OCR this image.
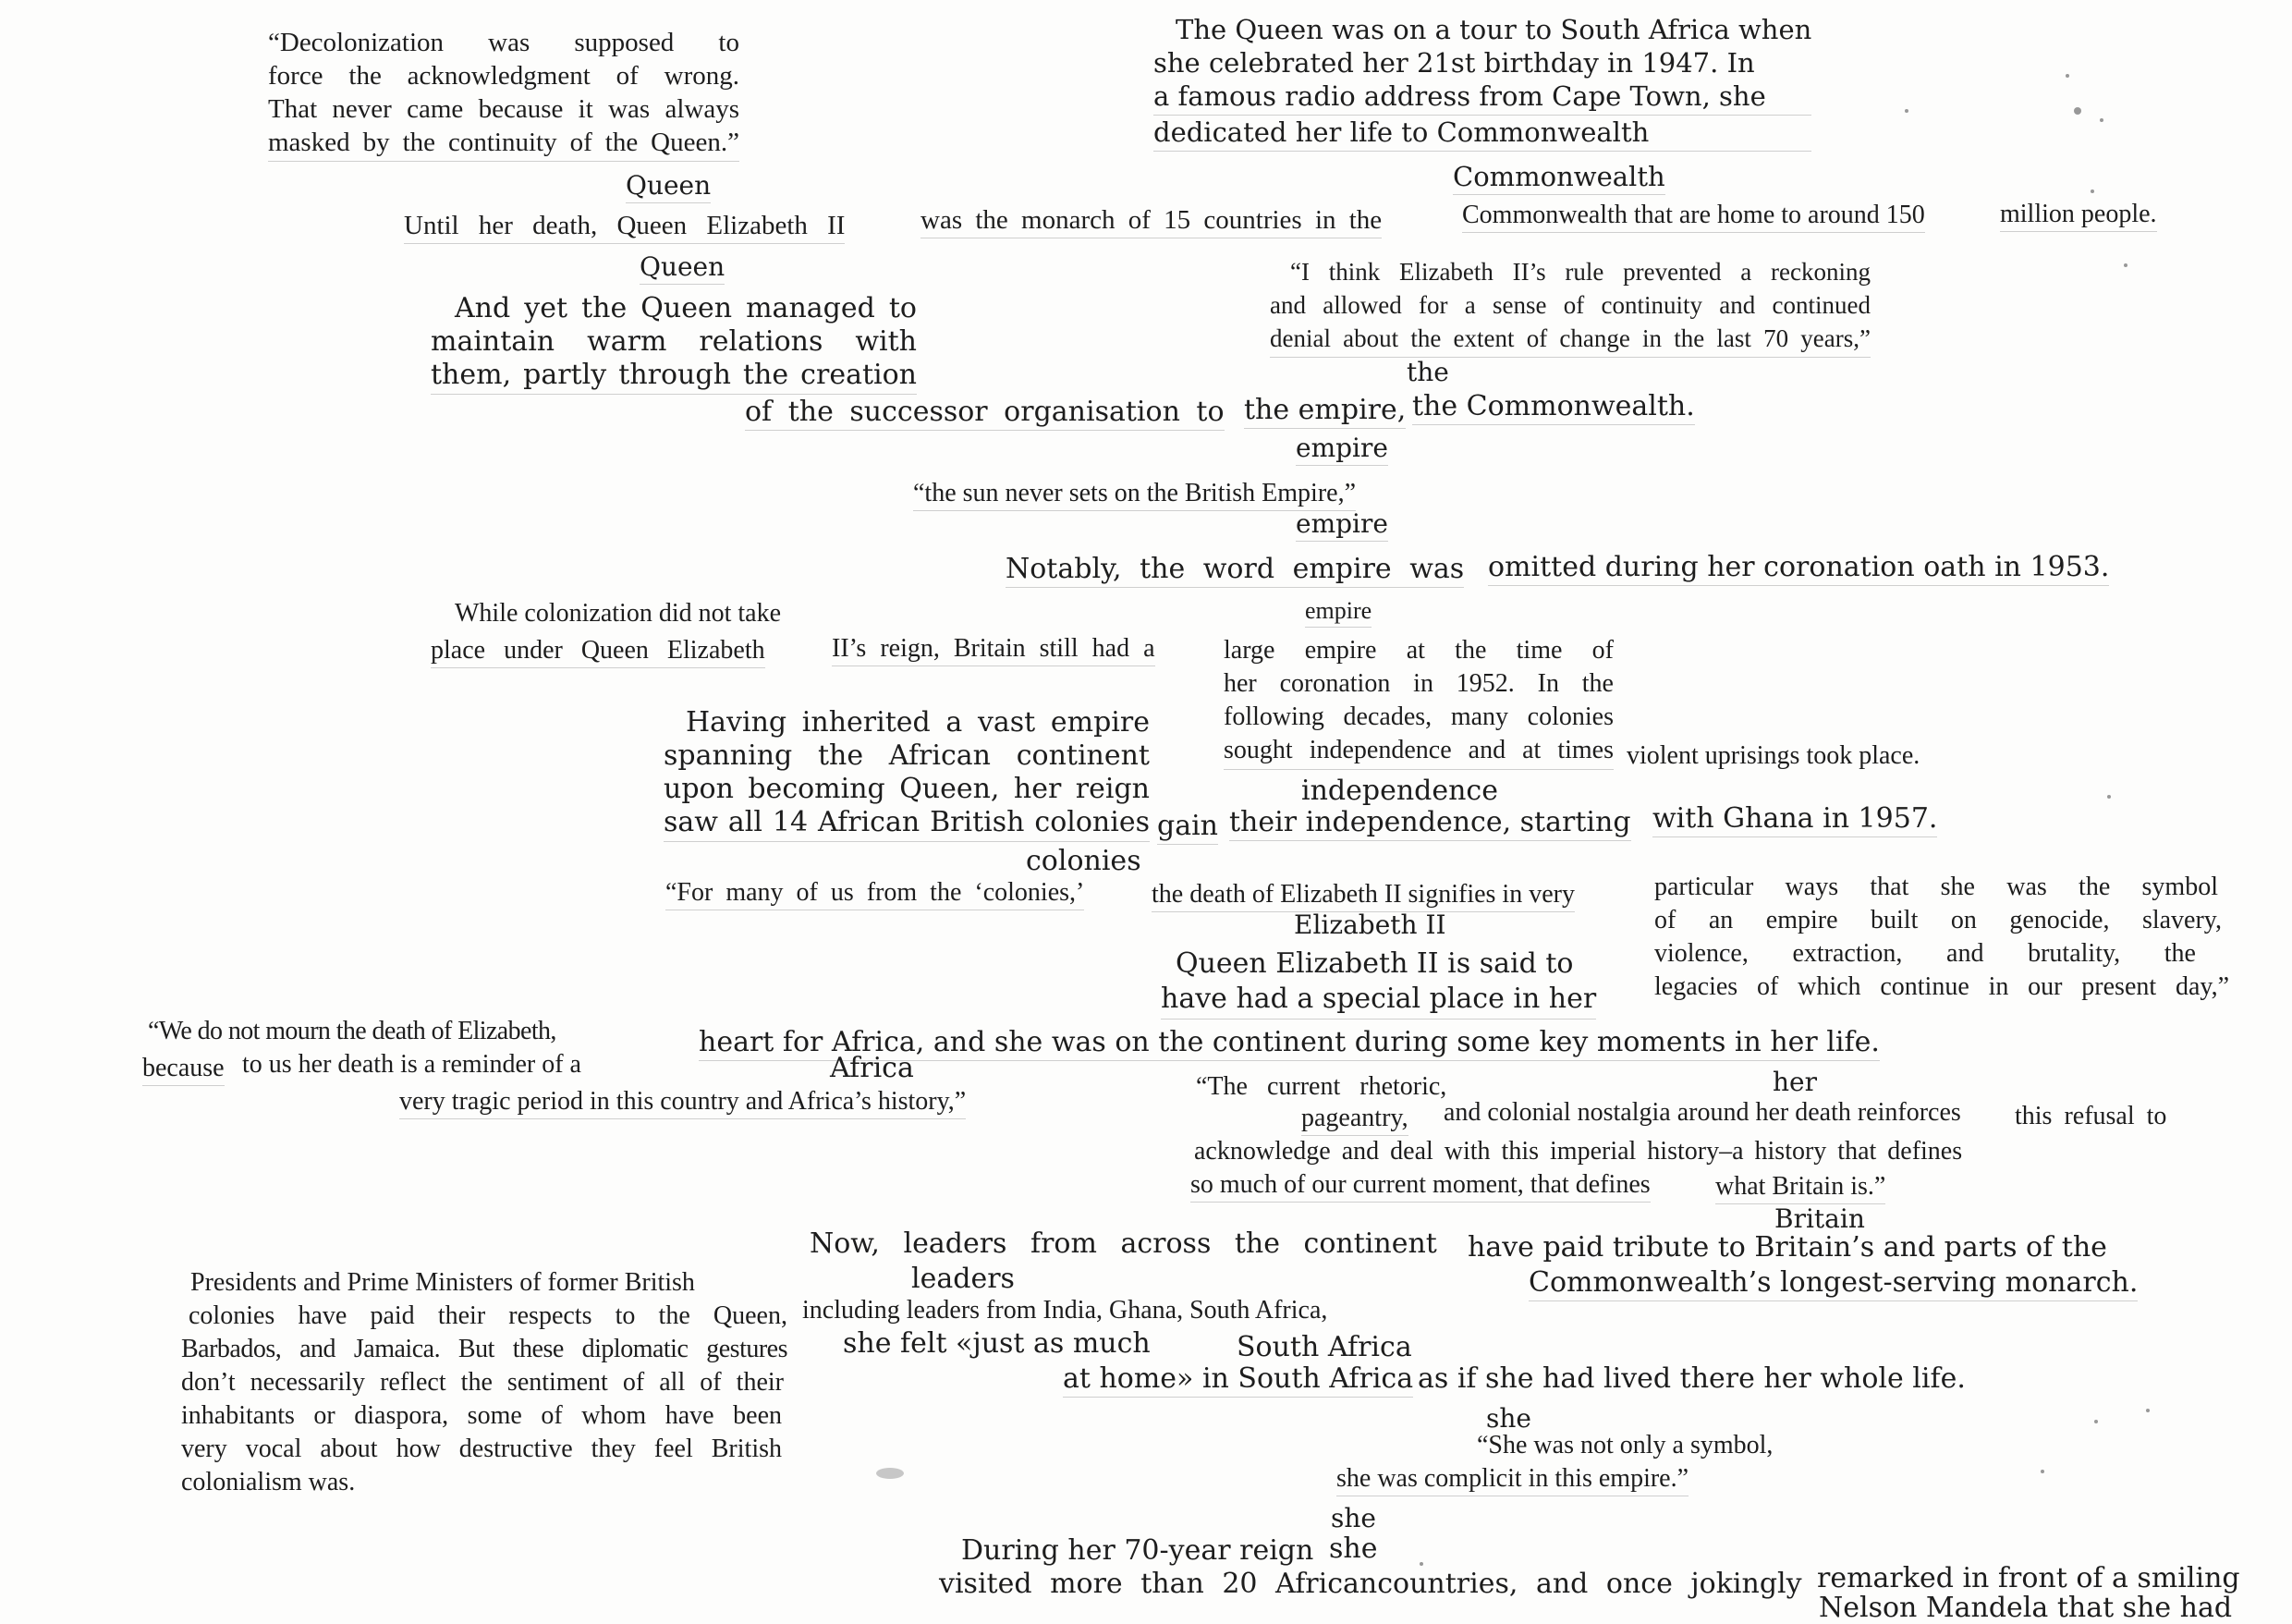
“Decolonization was supposed to
force the acknowledgment of wrong.
That never came because it was always
masked by the continuity of the Queen.”
The Queen was on a tour to South Africa when
she celebrated her 21st birthday in 1947. In
a famous radio address from Cape Town, she
dedicated her life to Commonwealth
Queen	Commonwealth
Until her death, Queen Elizabeth II	was the monarch of 15 countries in the	Commonwealth that are home to around 150	million people.
Queen
And yet the Queen managed to
maintain warm relations with
them, partly through the creation
“I think Elizabeth II’s rule prevented a reckoning
and allowed for a sense of continuity and continued
denial about the extent of change in the last 70 years,”
the
of the successor organisation to the empire, the Commonwealth.
empire
“the sun never sets on the British Empire,”
empire
Notably, the word empire was omitted during her coronation oath in 1953.
While colonization did not take	empire
place under Queen Elizabeth	II’s reign, Britain still had a	large empire at the time of
her coronation in 1952. In the
following decades, many colonies
sought independence and at times violent uprisings took place.
Having inherited a vast empire
spanning the African continent
upon becoming Queen, her reign
saw all 14 African British colonies
independence
gain their independence, starting with Ghana in 1957.
colonies
“For many of us from the ‘colonies,’	the death of Elizabeth II signifies in very	particular ways that she was the symbol
of an empire built on genocide, slavery,
violence, extraction, and brutality, the
legacies of which continue in our present day,”
Elizabeth II
Queen Elizabeth II is said to
have had a special place in her
heart for Africa, and she was on the continent during some key moments in her life.
“We do not mourn the death of Elizabeth,
because to us her death is a reminder of a	Africa
very tragic period in this country and Africa’s history,”
“The current rhetoric,	her
pageantry, and colonial nostalgia around her death reinforces this refusal to
acknowledge and deal with this imperial history–a history that defines
so much of our current moment, that defines	what Britain is.”
Britain
Now, leaders from across the continent have paid tribute to Britain’s and parts of the
Commonwealth’s longest-serving monarch.
leaders
Presidents and Prime Ministers of former British
colonies have paid their respects to the Queen,
Barbados, and Jamaica. But these diplomatic gestures
don’t necessarily reflect the sentiment of all of their
inhabitants or diaspora, some of whom have been
very vocal about how destructive they feel British
colonialism was.
including leaders from India, Ghana, South Africa,
she felt «just as much	South Africa
at home» in South Africa as if she had lived there her whole life.
she
“She was not only a symbol,
she was complicit in this empire.”
she
During her 70-year reign she
visited more than 20 Africancountries, and once jokingly remarked in front of a smiling
Nelson Mandela that she had
